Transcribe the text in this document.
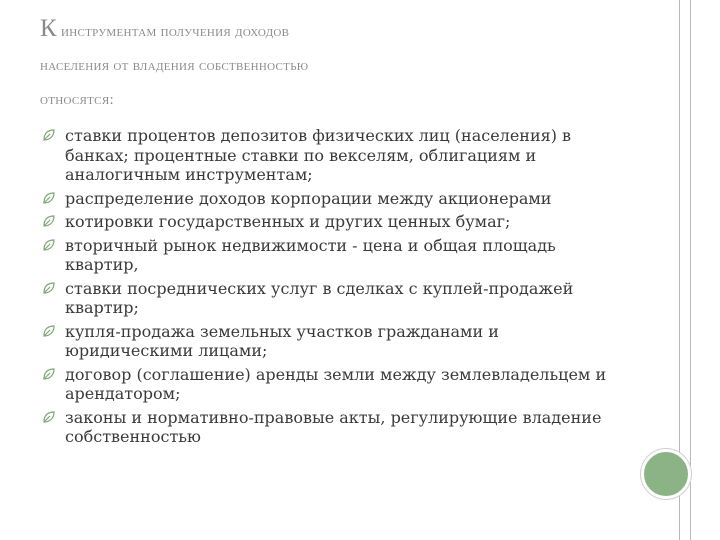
К инструментам получения доходов
населения от владения собственностью
относятся:
ставки процентов депозитов физических лиц (населения) в банках; процентные ставки по векселям, облигациям и аналогичным инструментам;
распределение доходов корпорации между акционерами
котировки государственных и других ценных бумаг;
вторичный рынок недвижимости - цена и общая площадь квартир,
ставки посреднических услуг в сделках с куплей-продажей квартир;
купля-продажа земельных участков гражданами и юридическими лицами;
договор (соглашение) аренды земли между землевладельцем и арендатором;
законы и нормативно-правовые акты, регулирующие владение собственностью
